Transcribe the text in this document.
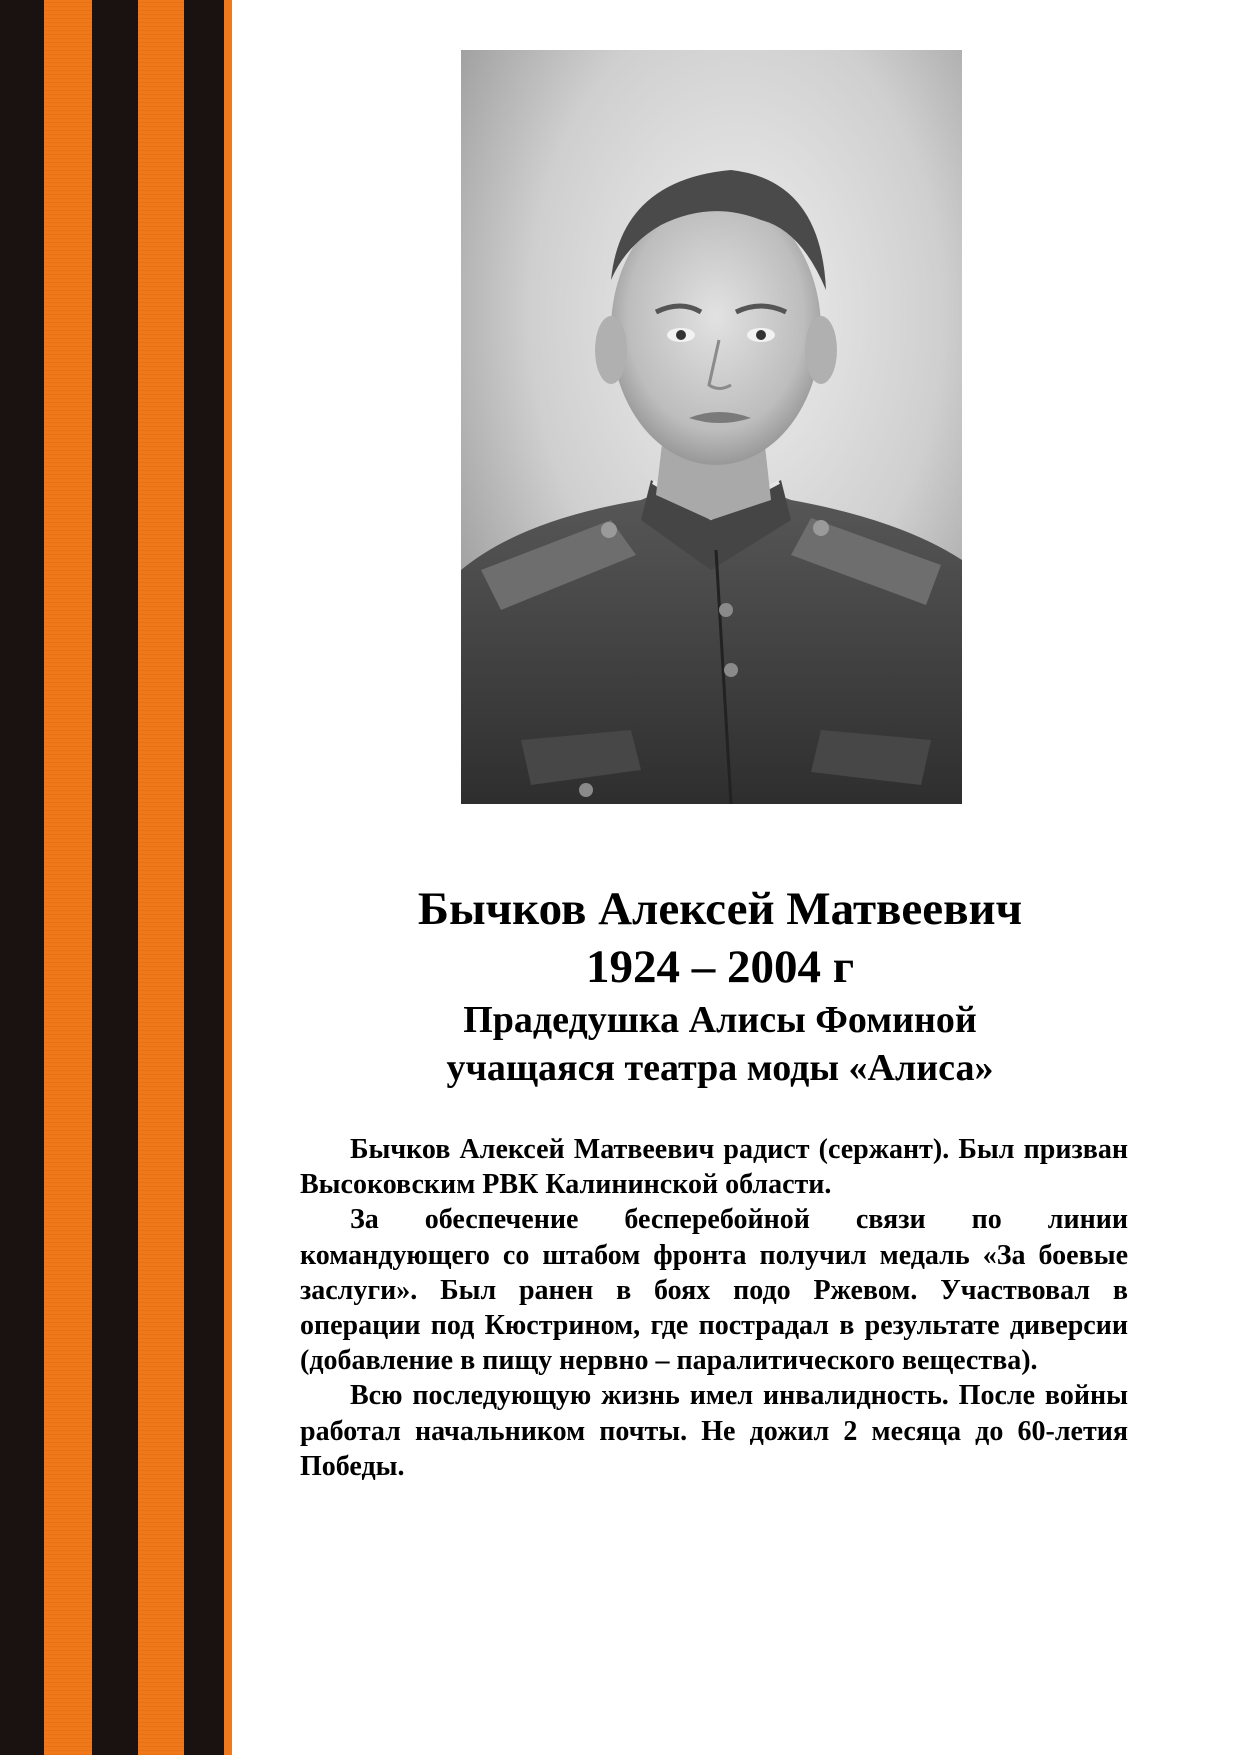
Бычков Алексей Матвеевич

1924 – 2004 г

Прадедушка Алисы Фоминой

учащаяся театра моды «Алиса»

Бычков Алексей Матвеевич радист (сержант). Был призван Высоковским РВК Калининской области.

За обеспечение бесперебойной связи по линии командующего со штабом фронта получил медаль «За боевые заслуги». Был ранен в боях подо Ржевом. Участвовал в операции под Кюстрином, где пострадал в результате диверсии (добавление в пищу нервно – паралитического вещества).

Всю последующую жизнь имел инвалидность. После войны работал начальником почты. Не дожил 2 месяца до 60-летия Победы.
